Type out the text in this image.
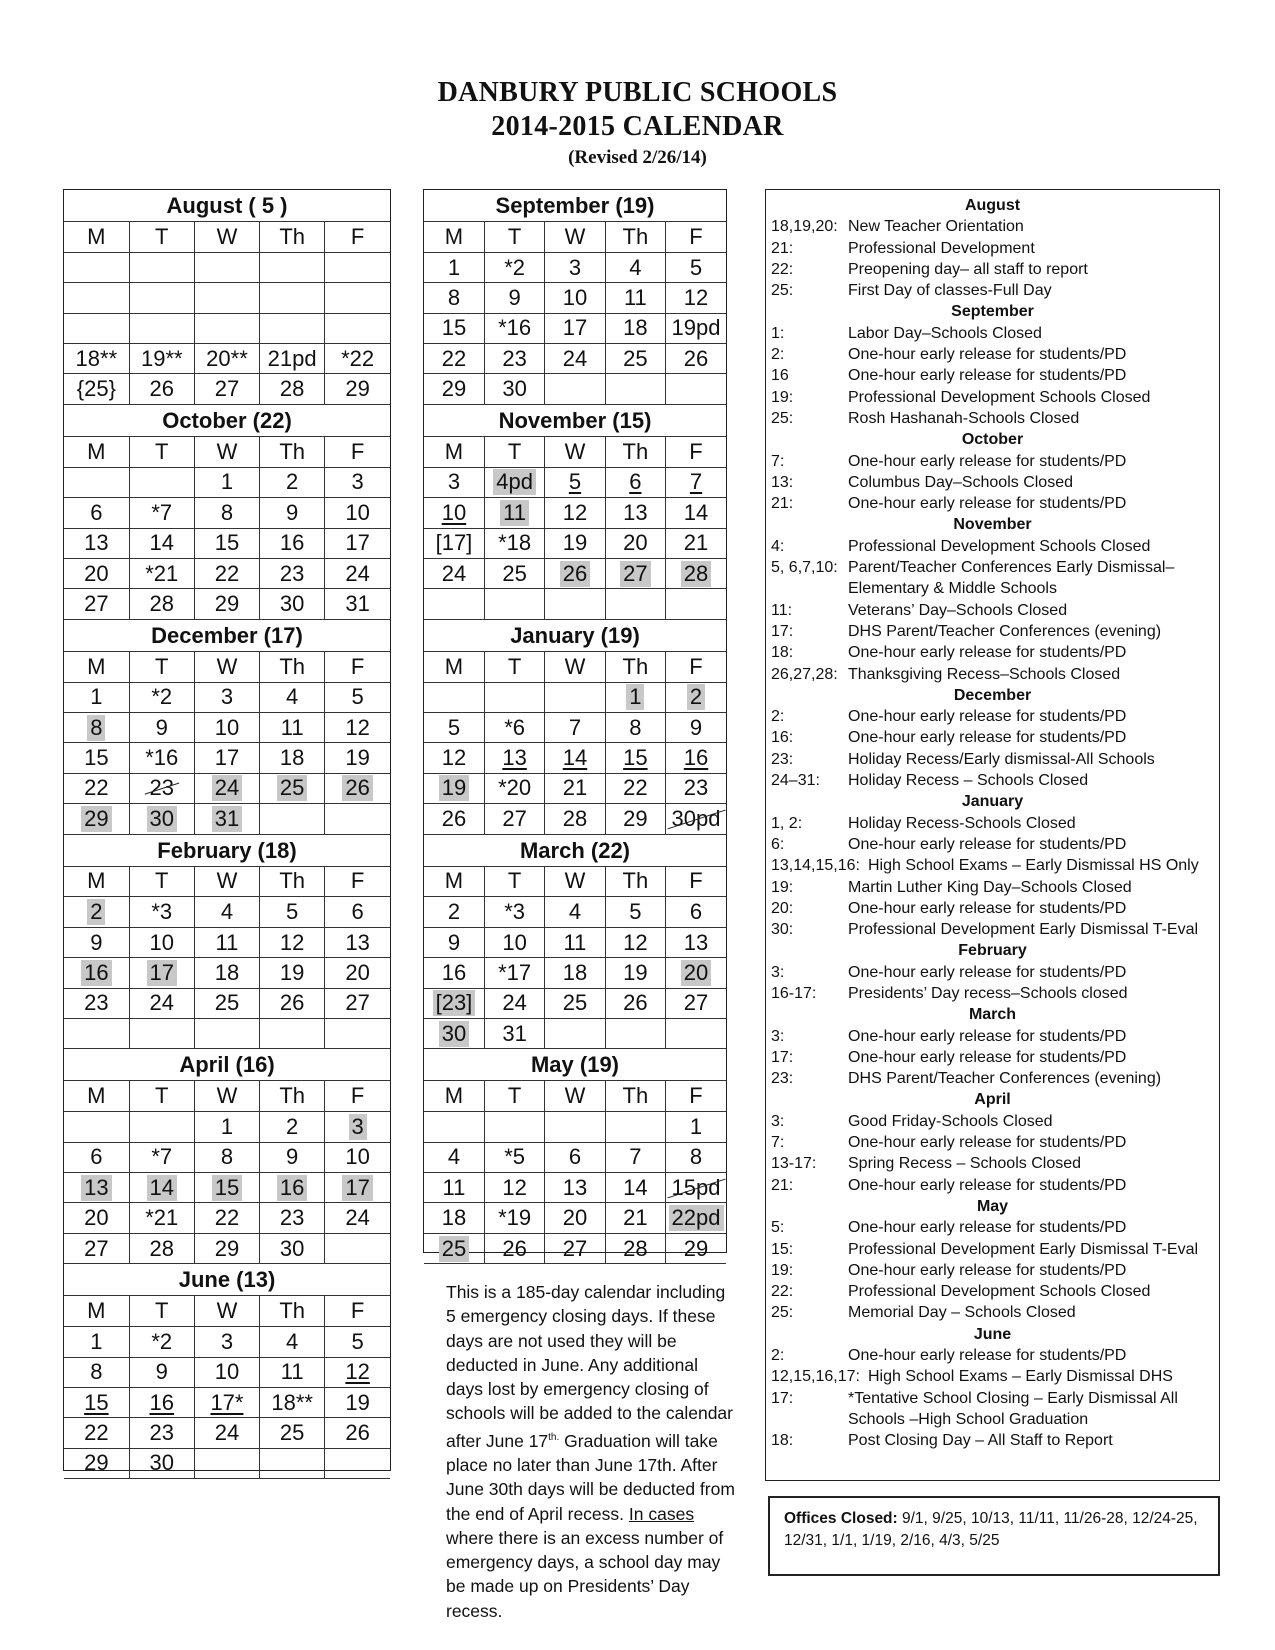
DANBURY PUBLIC SCHOOLS
2014-2015 CALENDAR
(Revised 2/26/14)
August ( 5 )
M	T	W	Th	F

18**	19**	20**	21pd	*22
{25}	26	27	28	29
October (22)
M	T	W	Th	F
		1	2	3
6	*7	8	9	10
13	14	15	16	17
20	*21	22	23	24
27	28	29	30	31
December (17)
M	T	W	Th	F
1	*2	3	4	5
8	9	10	11	12
15	*16	17	18	19
22	23	24	25	26
29	30	31		
February (18)
M	T	W	Th	F
2	*3	4	5	6
9	10	11	12	13
16	17	18	19	20
23	24	25	26	27

April (16)
M	T	W	Th	F
		1	2	3
6	*7	8	9	10
13	14	15	16	17
20	*21	22	23	24
27	28	29	30	
June (13)
M	T	W	Th	F
1	*2	3	4	5
8	9	10	11	12
15	16	17*	18**	19
22	23	24	25	26
29	30			
September (19)
M	T	W	Th	F
1	*2	3	4	5
8	9	10	11	12
15	*16	17	18	19pd
22	23	24	25	26
29	30			
November (15)
M	T	W	Th	F
3	4pd	5	6	7
10	11	12	13	14
[17]	*18	19	20	21
24	25	26	27	28

January (19)
M	T	W	Th	F
			1	2
5	*6	7	8	9
12	13	14	15	16
19	*20	21	22	23
26	27	28	29	30pd
March (22)
M	T	W	Th	F
2	*3	4	5	6
9	10	11	12	13
16	*17	18	19	20
[23]	24	25	26	27
30	31			
May (19)
M	T	W	Th	F
				1
4	*5	6	7	8
11	12	13	14	15pd
18	*19	20	21	22pd
25	26	27	28	29
This is a 185-day calendar including 5 emergency closing days. If these days are not used they will be deducted in June. Any additional days lost by emergency closing of schools will be added to the calendar after June $17^{th.}$ Graduation will take place no later than June 17th. After June 30th days will be deducted from the end of April recess. In cases where there is an excess number of emergency days, a school day may be made up on Presidents’ Day recess.
August
18,19,20: New Teacher Orientation
21:	Professional Development
22:	Preopening day– all staff to report
25:	First Day of classes-Full Day
September
1:	Labor Day–Schools Closed
2:	One-hour early release for students/PD
16	One-hour early release for students/PD
19:	Professional Development Schools Closed
25:	Rosh Hashanah-Schools Closed
October
7:	One-hour early release for students/PD
13:	Columbus Day–Schools Closed
21:	One-hour early release for students/PD
November
4:	Professional Development Schools Closed
5, 6,7,10: Parent/Teacher Conferences Early Dismissal–
Elementary & Middle Schools
11:	Veterans’ Day–Schools Closed
17:	DHS Parent/Teacher Conferences (evening)
18:	One-hour early release for students/PD
26,27,28: Thanksgiving Recess–Schools Closed
December
2:	One-hour early release for students/PD
16:	One-hour early release for students/PD
23:	Holiday Recess/Early dismissal-All Schools
24–31:	Holiday Recess – Schools Closed
January
1, 2:	Holiday Recess-Schools Closed
6:	One-hour early release for students/PD
13,14,15,16: High School Exams – Early Dismissal HS Only
19:	Martin Luther King Day–Schools Closed
20:	One-hour early release for students/PD
30:	Professional Development Early Dismissal T-Eval
February
3:	One-hour early release for students/PD
16-17:	Presidents’ Day recess–Schools closed
March
3:	One-hour early release for students/PD
17:	One-hour early release for students/PD
23:	DHS Parent/Teacher Conferences (evening)
April
3:	Good Friday-Schools Closed
7:	One-hour early release for students/PD
13-17:	Spring Recess – Schools Closed
21:	One-hour early release for students/PD
May
5:	One-hour early release for students/PD
15:	Professional Development Early Dismissal T-Eval
19:	One-hour early release for students/PD
22:	Professional Development Schools Closed
25:	Memorial Day – Schools Closed
June
2:	One-hour early release for students/PD
12,15,16,17: High School Exams – Early Dismissal DHS
17:	*Tentative School Closing – Early Dismissal All
Schools –High School Graduation
18:	Post Closing Day – All Staff to Report
Offices Closed: 9/1, 9/25, 10/13, 11/11, 11/26-28, 12/24-25, 12/31, 1/1, 1/19, 2/16, 4/3, 5/25
